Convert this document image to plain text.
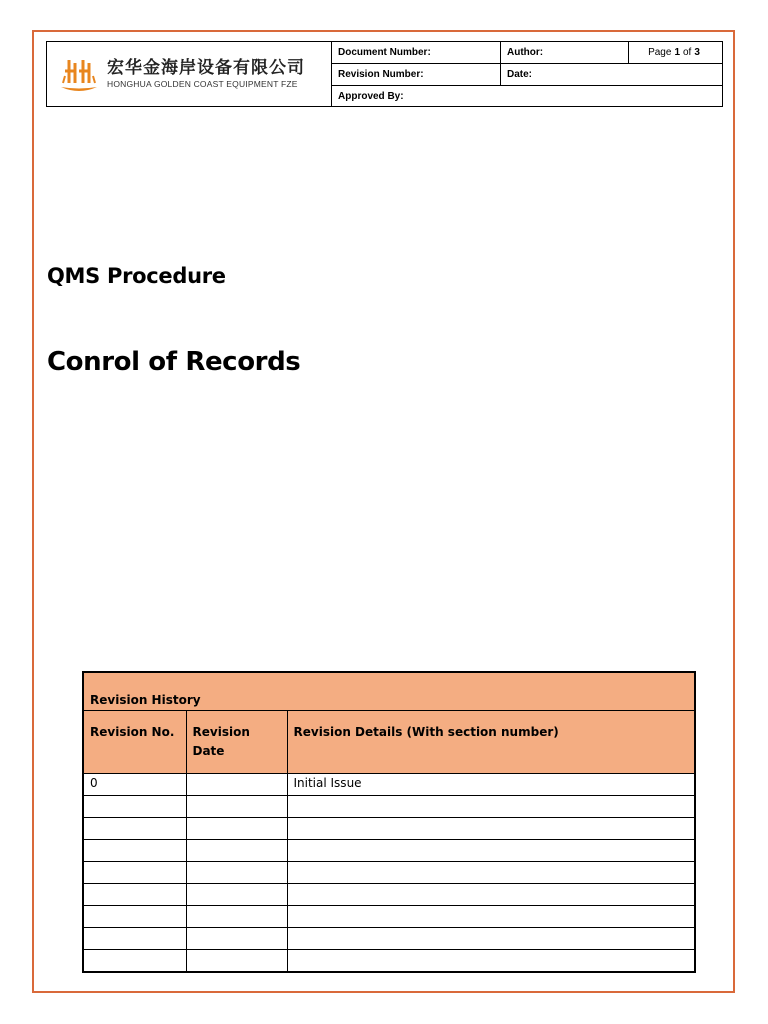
宏华金海岸设备有限公司
HONGHUA GOLDEN COAST EQUIPMENT FZE
Document Number:	Author:	Page 1 of 3
Revision Number:	Date:
Approved By:
QMS Procedure
Conrol of Records
Revision History		
Revision No.	Revision Date	Revision Details (With section number)
0		Initial Issue
